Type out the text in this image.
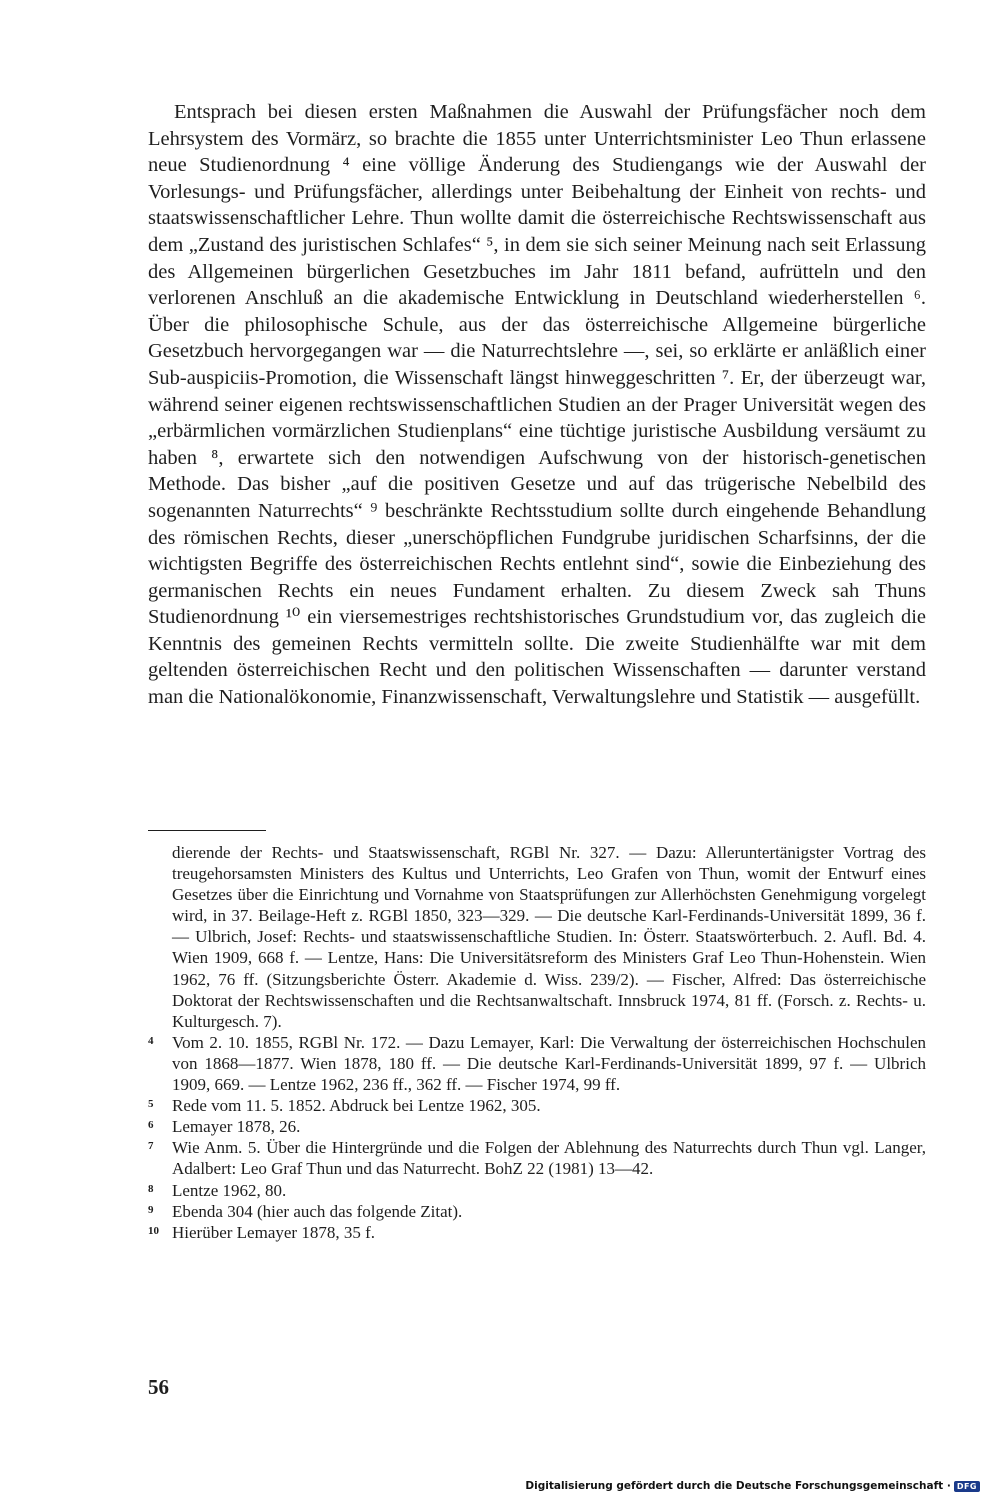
Entsprach bei diesen ersten Maßnahmen die Auswahl der Prüfungsfächer noch dem Lehrsystem des Vormärz, so brachte die 1855 unter Unterrichtsminister Leo Thun erlassene neue Studienordnung ⁴ eine völlige Änderung des Studiengangs wie der Auswahl der Vorlesungs- und Prüfungsfächer, allerdings unter Beibehaltung der Einheit von rechts- und staatswissenschaftlicher Lehre. Thun wollte damit die österreichische Rechtswissenschaft aus dem „Zustand des juristischen Schlafes“ ⁵, in dem sie sich seiner Meinung nach seit Erlassung des Allgemeinen bürgerlichen Gesetzbuches im Jahr 1811 befand, aufrütteln und den verlorenen Anschluß an die akademische Entwicklung in Deutschland wiederherstellen ⁶. Über die philosophische Schule, aus der das österreichische Allgemeine bürgerliche Gesetzbuch hervorgegangen war — die Naturrechtslehre —, sei, so erklärte er anläßlich einer Sub-auspiciis-Promotion, die Wissenschaft längst hinweggeschritten ⁷. Er, der überzeugt war, während seiner eigenen rechtswissenschaftlichen Studien an der Prager Universität wegen des „erbärmlichen vormärzlichen Studienplans“ eine tüchtige juristische Ausbildung versäumt zu haben ⁸, erwartete sich den notwendigen Aufschwung von der historisch-genetischen Methode. Das bisher „auf die positiven Gesetze und auf das trügerische Nebelbild des sogenannten Naturrechts“ ⁹ beschränkte Rechtsstudium sollte durch eingehende Behandlung des römischen Rechts, dieser „unerschöpflichen Fundgrube juridischen Scharfsinns, der die wichtigsten Begriffe des österreichischen Rechts entlehnt sind“, sowie die Einbeziehung des germanischen Rechts ein neues Fundament erhalten. Zu diesem Zweck sah Thuns Studienordnung ¹⁰ ein viersemestriges rechtshistorisches Grundstudium vor, das zugleich die Kenntnis des gemeinen Rechts vermitteln sollte. Die zweite Studienhälfte war mit dem geltenden österreichischen Recht und den politischen Wissenschaften — darunter verstand man die Nationalökonomie, Finanzwissenschaft, Verwaltungslehre und Statistik — ausgefüllt.

dierende der Rechts- und Staatswissenschaft, RGBl Nr. 327. — Dazu: Alleruntertänigster Vortrag des treugehorsamsten Ministers des Kultus und Unterrichts, Leo Grafen von Thun, womit der Entwurf eines Gesetzes über die Einrichtung und Vornahme von Staatsprüfungen zur Allerhöchsten Genehmigung vorgelegt wird, in 37. Beilage-Heft z. RGBl 1850, 323—329. — Die deutsche Karl-Ferdinands-Universität 1899, 36 f. — Ulbrich, Josef: Rechts- und staatswissenschaftliche Studien. In: Österr. Staatswörterbuch. 2. Aufl. Bd. 4. Wien 1909, 668 f. — Lentze, Hans: Die Universitätsreform des Ministers Graf Leo Thun-Hohenstein. Wien 1962, 76 ff. (Sitzungsberichte Österr. Akademie d. Wiss. 239/2). — Fischer, Alfred: Das österreichische Doktorat der Rechtswissenschaften und die Rechtsanwaltschaft. Innsbruck 1974, 81 ff. (Forsch. z. Rechts- u. Kulturgesch. 7).

4 Vom 2. 10. 1855, RGBl Nr. 172. — Dazu Lemayer, Karl: Die Verwaltung der österreichischen Hochschulen von 1868—1877. Wien 1878, 180 ff. — Die deutsche Karl-Ferdinands-Universität 1899, 97 f. — Ulbrich 1909, 669. — Lentze 1962, 236 ff., 362 ff. — Fischer 1974, 99 ff.
5 Rede vom 11. 5. 1852. Abdruck bei Lentze 1962, 305.
6 Lemayer 1878, 26.
7 Wie Anm. 5. Über die Hintergründe und die Folgen der Ablehnung des Naturrechts durch Thun vgl. Langer, Adalbert: Leo Graf Thun und das Naturrecht. BohZ 22 (1981) 13—42.
8 Lentze 1962, 80.
9 Ebenda 304 (hier auch das folgende Zitat).
10 Hierüber Lemayer 1878, 35 f.
56
Digitalisierung gefördert durch die Deutsche Forschungsgemeinschaft · DFG
